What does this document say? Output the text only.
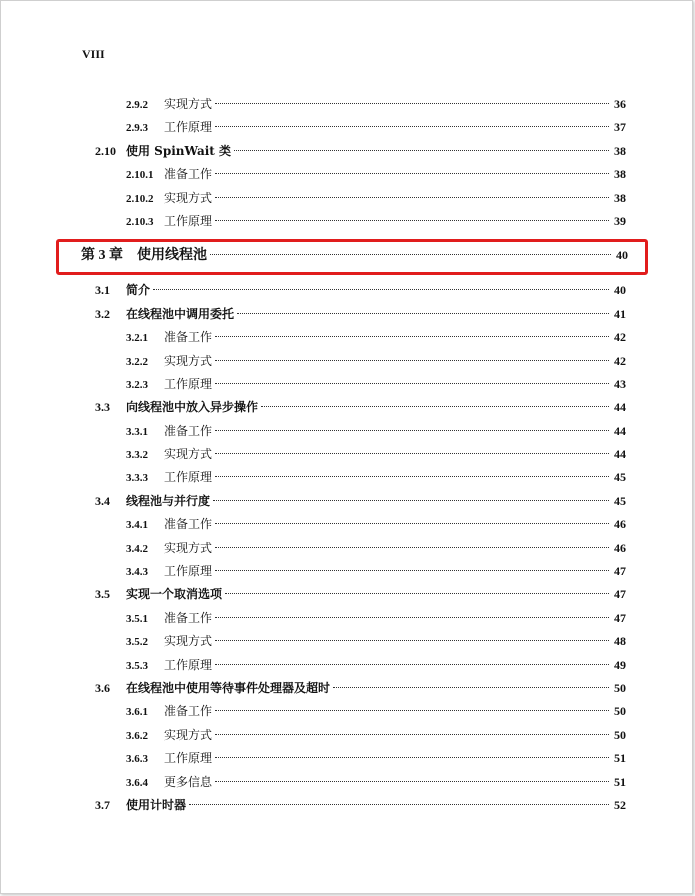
VIII
2.9.2	实现方式	36
2.9.3	工作原理	37
2.10 使用 SpinWait 类	38
2.10.1 准备工作	38
2.10.2 实现方式	38
2.10.3 工作原理	39
第 3 章 使用线程池	40
3.1	简介	40
3.2	在线程池中调用委托	41
3.2.1	准备工作	42
3.2.2	实现方式	42
3.2.3	工作原理	43
3.3	向线程池中放入异步操作	44
3.3.1	准备工作	44
3.3.2	实现方式	44
3.3.3	工作原理	45
3.4	线程池与并行度	45
3.4.1	准备工作	46
3.4.2	实现方式	46
3.4.3	工作原理	47
3.5	实现一个取消选项	47
3.5.1	准备工作	47
3.5.2	实现方式	48
3.5.3	工作原理	49
3.6	在线程池中使用等待事件处理器及超时	50
3.6.1	准备工作	50
3.6.2	实现方式	50
3.6.3	工作原理	51
3.6.4	更多信息	51
3.7	使用计时器	52
